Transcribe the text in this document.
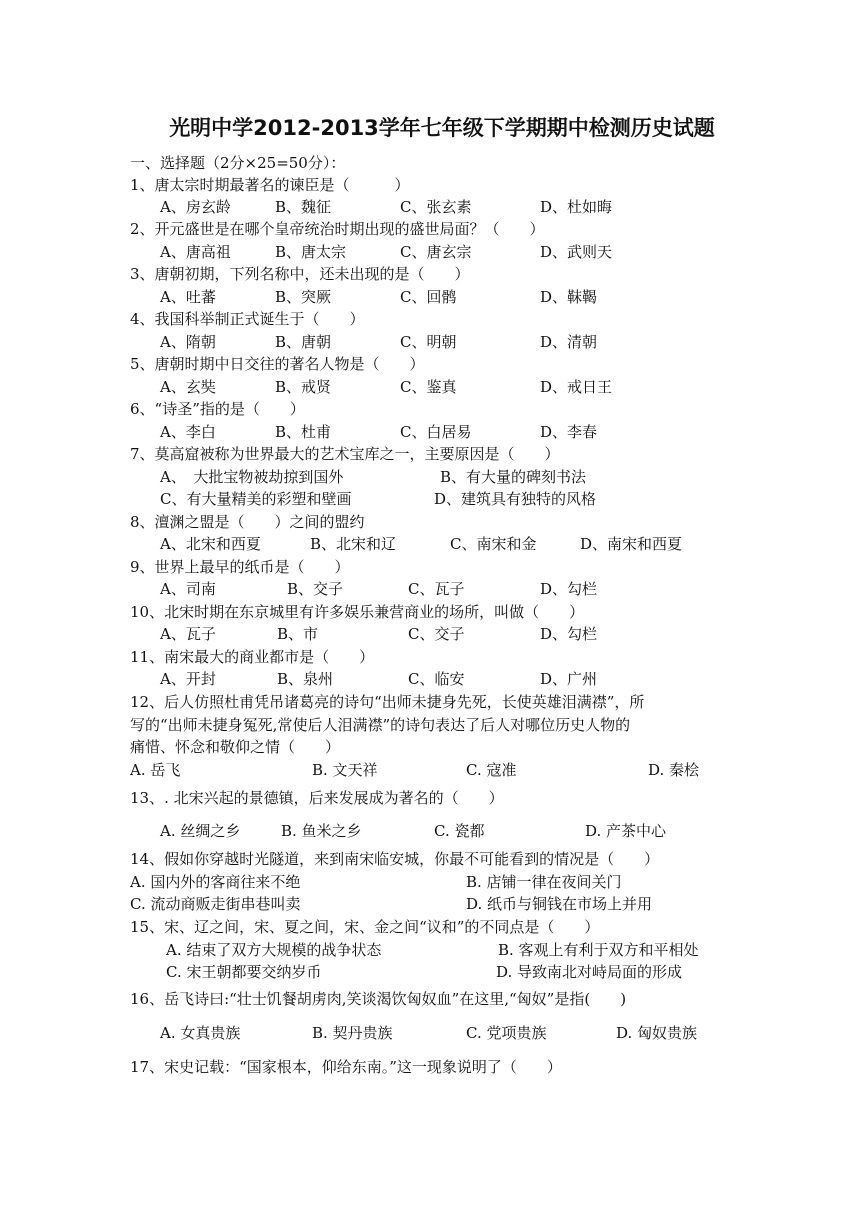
光明中学2012-2013学年七年级下学期期中检测历史试题
一、选择题（2分×25=50分）：
1、唐太宗时期最著名的谏臣是（　　　）
A、房玄龄	B、魏征	C、张玄素	D、杜如晦
2、开元盛世是在哪个皇帝统治时期出现的盛世局面？（　　）
A、唐高祖	B、唐太宗	C、唐玄宗	D、武则天
3、唐朝初期，下列名称中，还未出现的是（　　）
A、吐蕃	B、突厥	C、回鹘	D、靺鞨
4、我国科举制正式诞生于（　　）
A、隋朝	B、唐朝	C、明朝	D、清朝
5、唐朝时期中日交往的著名人物是（　　）
A、玄奘	B、戒贤	C、鉴真	D、戒日王
6、“诗圣”指的是（　　）
A、李白	B、杜甫	C、白居易	D、李春
7、莫高窟被称为世界最大的艺术宝库之一，主要原因是（　　）
A、　大批宝物被劫掠到国外	B、有大量的碑刻书法
C、有大量精美的彩塑和壁画	D、建筑具有独特的风格
8、澶渊之盟是（　　）之间的盟约
A、北宋和西夏	B、北宋和辽	C、南宋和金	D、南宋和西夏
9、世界上最早的纸币是（　　）
A、司南	B、交子	C、瓦子	D、勾栏
10、北宋时期在东京城里有许多娱乐兼营商业的场所，叫做（　　）
A、瓦子	B、市	C、交子	D、勾栏
11、南宋最大的商业都市是（　　）
A、开封	B、泉州	C、临安	D、广州
12、后人仿照杜甫凭吊诸葛亮的诗句“出师未捷身先死，长使英雄泪满襟”，所
写的“出师未捷身冤死,常使后人泪满襟”的诗句表达了后人对哪位历史人物的
痛惜、怀念和敬仰之情（　　）
A. 岳飞	B. 文天祥	C. 寇准	D. 秦桧
13、. 北宋兴起的景德镇，后来发展成为著名的（　　）
A. 丝绸之乡	B. 鱼米之乡	C. 瓷都	D. 产茶中心
14、假如你穿越时光隧道，来到南宋临安城，你最不可能看到的情况是（　　）
A. 国内外的客商往来不绝	B. 店铺一律在夜间关门
C. 流动商贩走街串巷叫卖	D. 纸币与铜钱在市场上并用
15、宋、辽之间，宋、夏之间，宋、金之间“议和”的不同点是（　　）
A. 结束了双方大规模的战争状态	B. 客观上有利于双方和平相处
C. 宋王朝都要交纳岁币	D. 导致南北对峙局面的形成
16、岳飞诗曰:“壮士饥餐胡虏肉,笑谈渴饮匈奴血”在这里,“匈奴”是指(　　)
A. 女真贵族	B. 契丹贵族	C. 党项贵族	D. 匈奴贵族
17、宋史记载：“国家根本，仰给东南。”这一现象说明了（　　）
